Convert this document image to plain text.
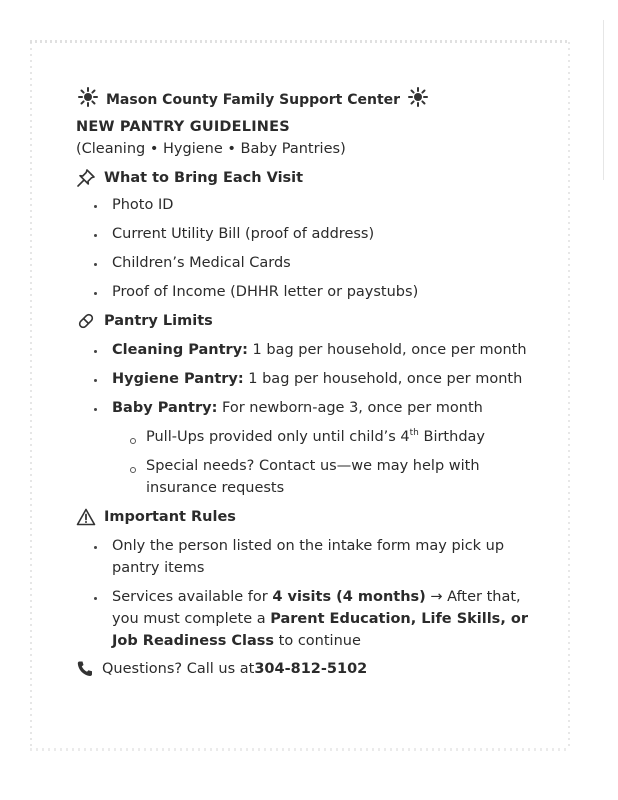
Mason County Family Support Center
NEW PANTRY GUIDELINES
(Cleaning • Hygiene • Baby Pantries)
What to Bring Each Visit
Photo ID
Current Utility Bill (proof of address)
Children’s Medical Cards
Proof of Income (DHHR letter or paystubs)
Pantry Limits
Cleaning Pantry: 1 bag per household, once per month
Hygiene Pantry: 1 bag per household, once per month
Baby Pantry: For newborn-age 3, once per month
Pull-Ups provided only until child’s 4th Birthday
Special needs? Contact us—we may help with
insurance requests
Important Rules
Only the person listed on the intake form may pick up
pantry items
Services available for 4 visits (4 months) → After that,
you must complete a Parent Education, Life Skills, or
Job Readiness Class to continue
Questions? Call us at 304-812-5102
